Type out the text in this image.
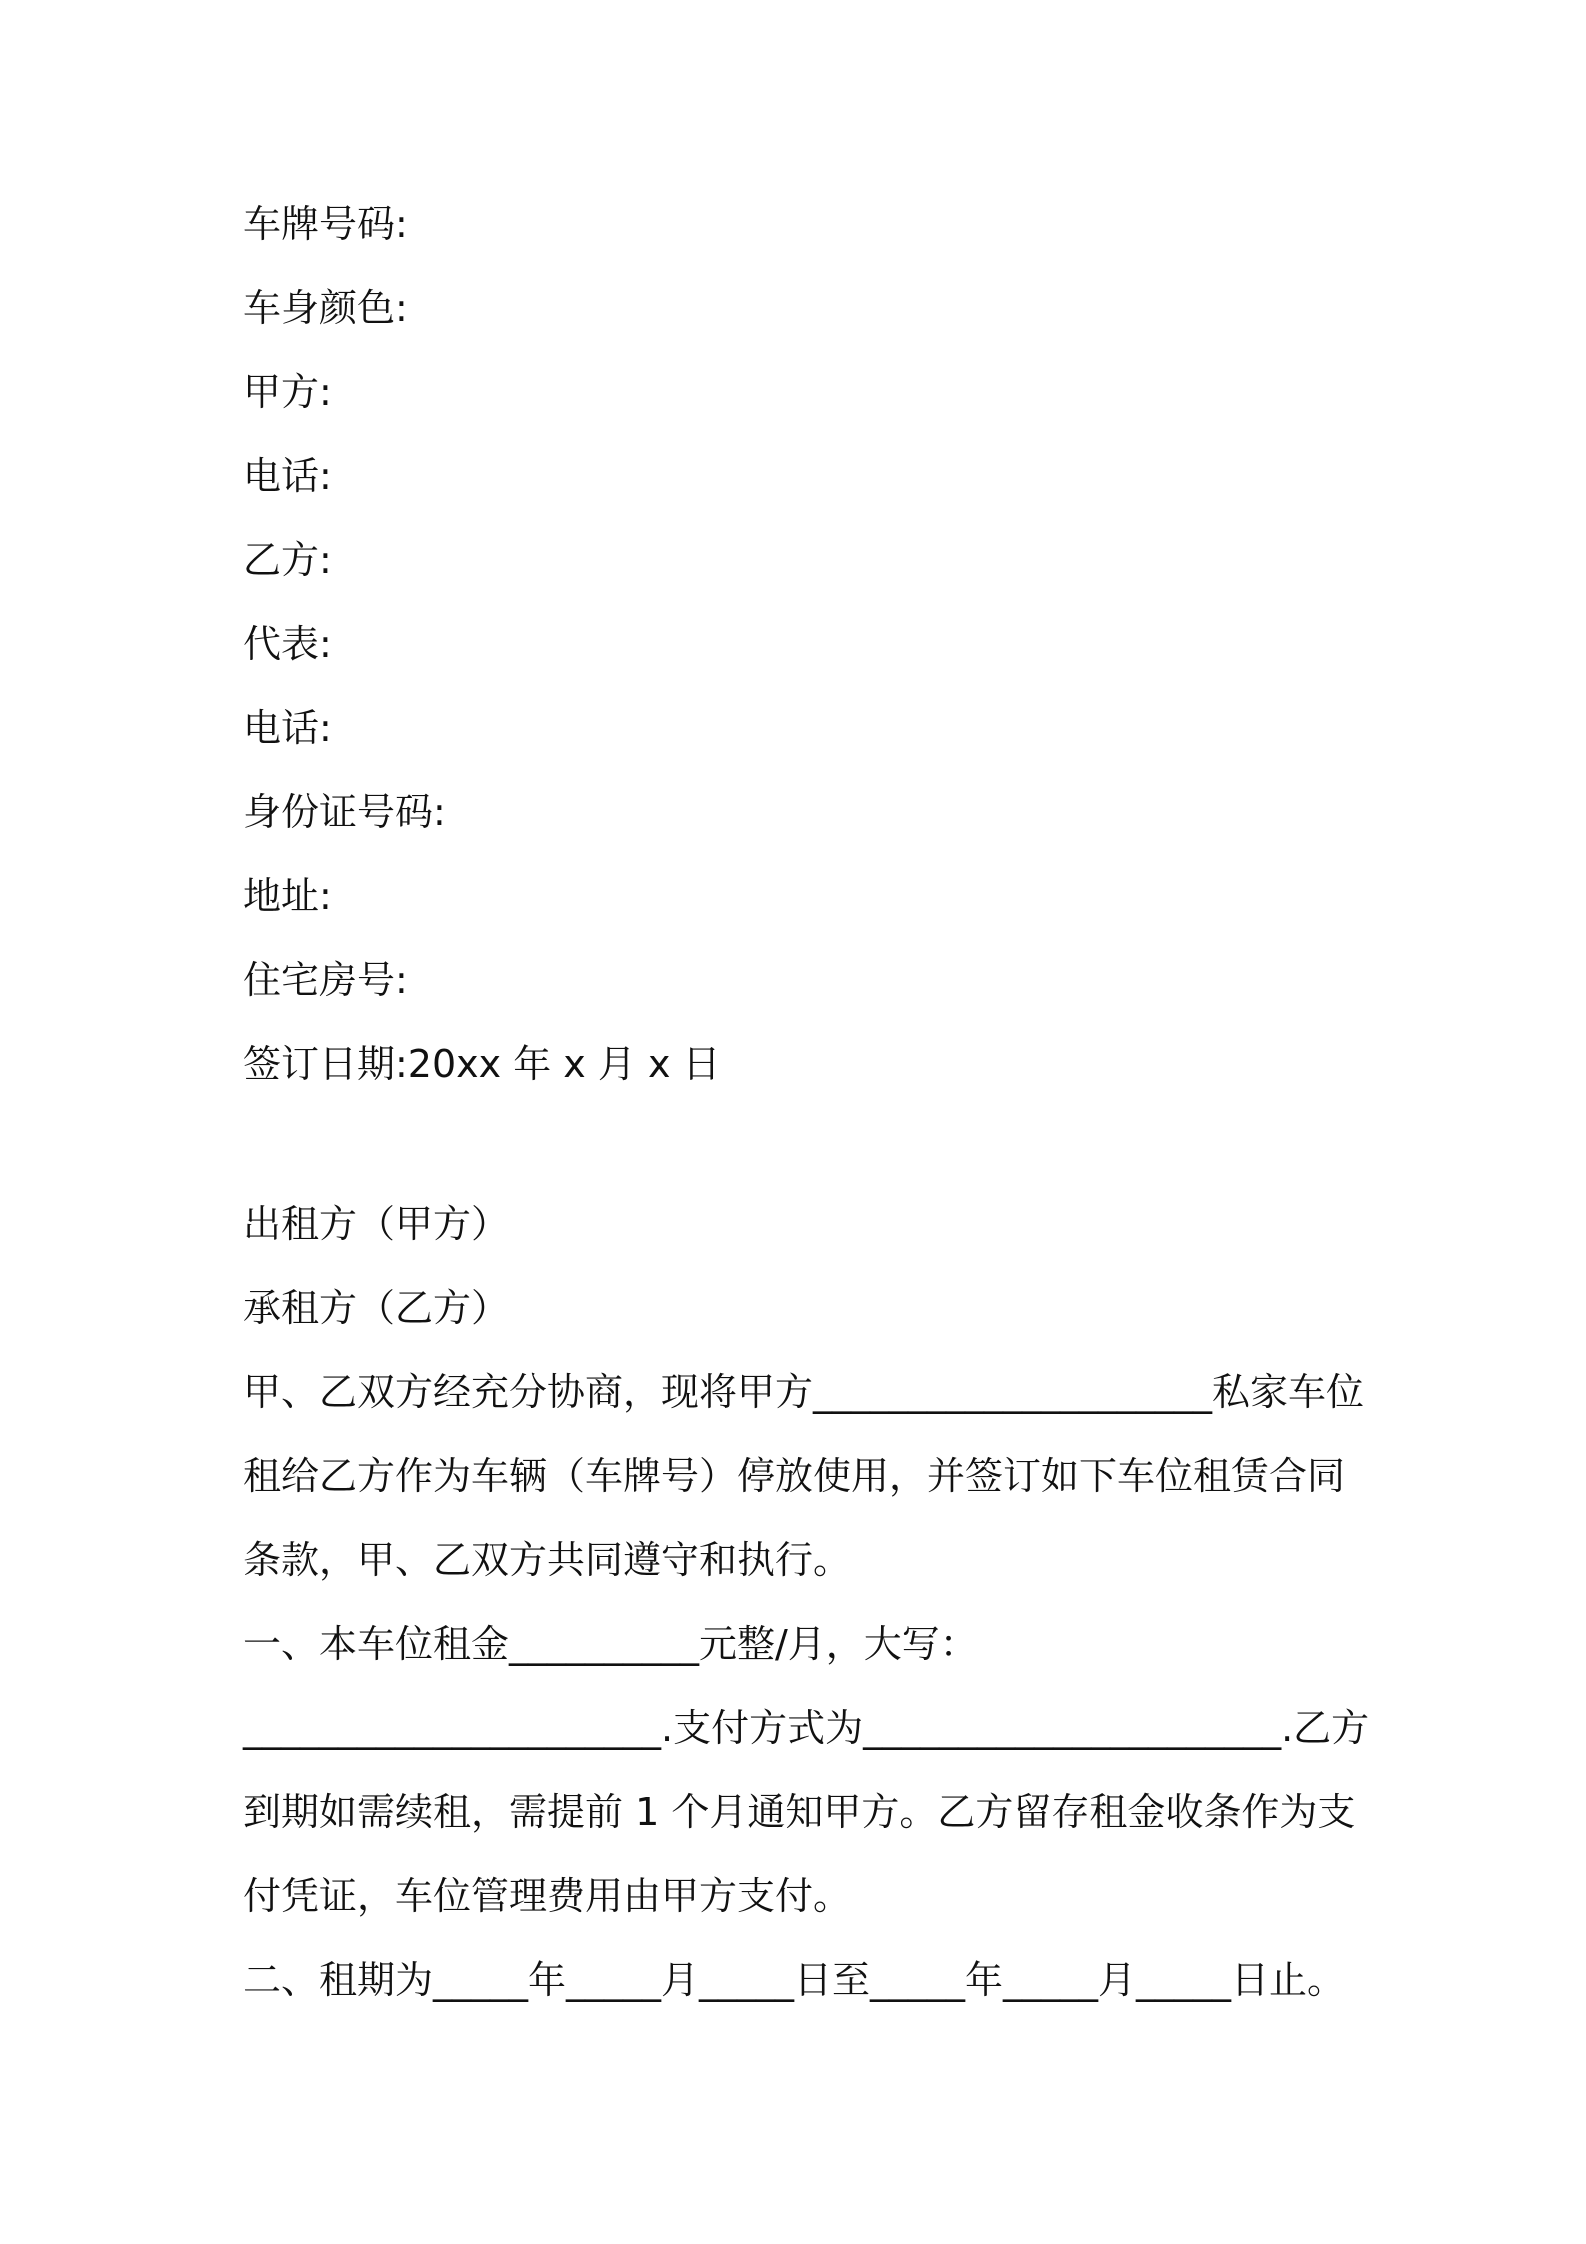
车牌号码:
车身颜色:
甲方:
电话:
乙方:
代表:
电话:
身份证号码:
地址:
住宅房号:
签订日期:20xx 年 x 月 x 日
出租方（甲方）
承租方（乙方）

甲、乙双方经充分协商，现将甲方_____________________私家车位租给乙方作为车辆（车牌号）停放使用，并签订如下车位租赁合同条款，甲、乙双方共同遵守和执行。

一、本车位租金__________元整/月，大写：______________________.支付方式为______________________.乙方到期如需续租，需提前 1 个月通知甲方。乙方留存租金收条作为支付凭证，车位管理费用由甲方支付。

二、租期为_____年_____月_____日至_____年_____月_____日止。
